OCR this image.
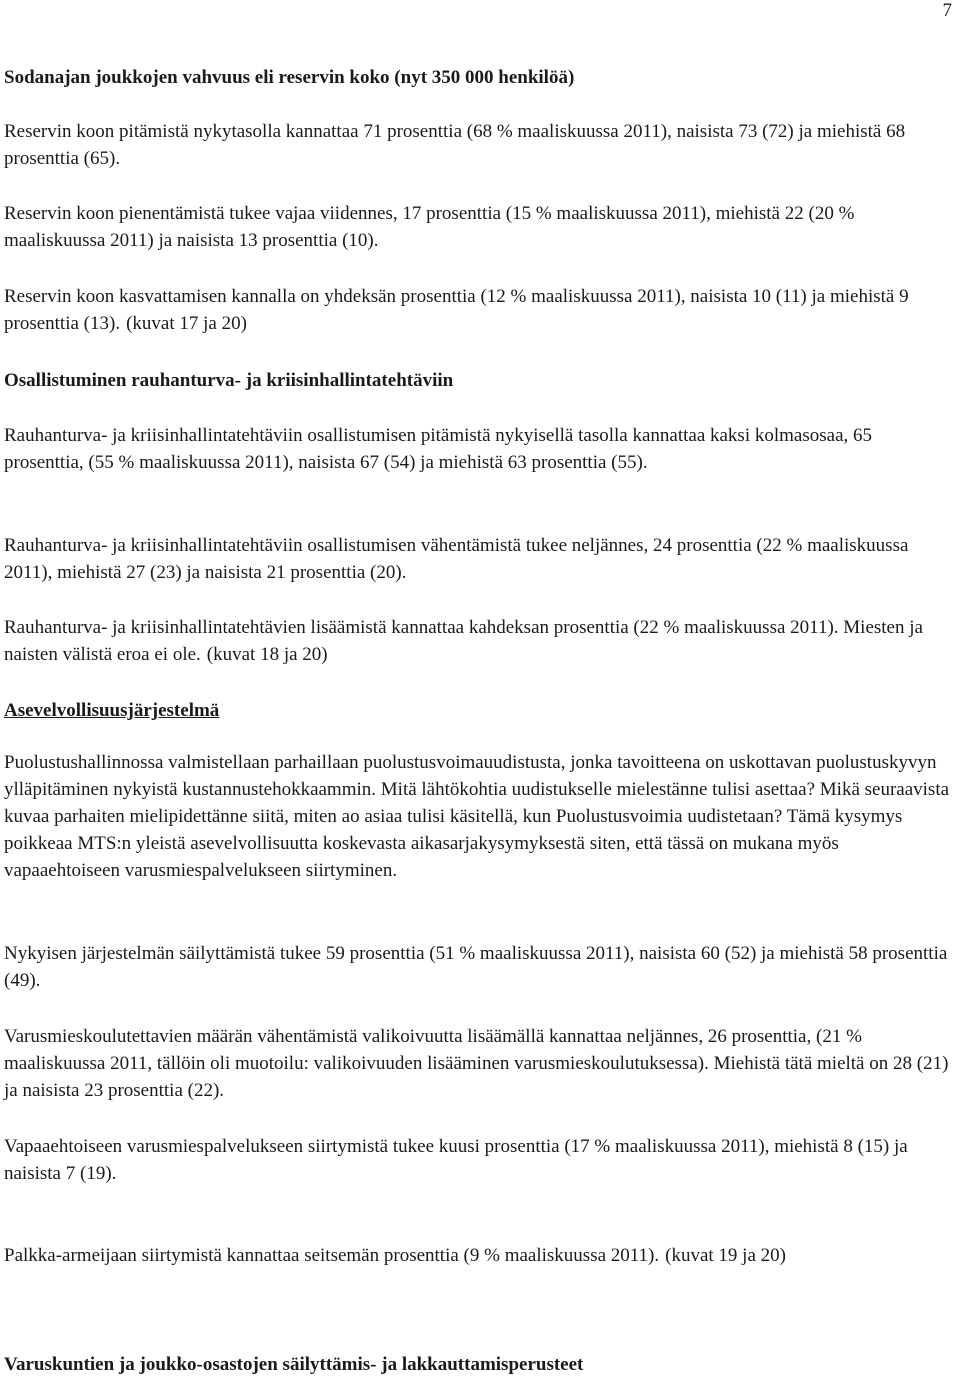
7

Sodanajan joukkojen vahvuus eli reservin koko (nyt 350 000 henkilöä)

Reservin koon pitämistä nykytasolla kannattaa 71 prosenttia (68 % maaliskuussa 2011), naisista 73 (72) ja miehistä 68 prosenttia (65).

Reservin koon pienentämistä tukee vajaa viidennes, 17 prosenttia (15 % maaliskuussa 2011), miehistä 22 (20 % maaliskuussa 2011) ja naisista 13 prosenttia (10).

Reservin koon kasvattamisen kannalla on yhdeksän prosenttia (12 % maaliskuussa 2011), naisista 10 (11) ja miehistä 9 prosenttia (13). (kuvat 17 ja 20)

Osallistuminen rauhanturva- ja kriisinhallintatehtäviin

Rauhanturva- ja kriisinhallintatehtäviin osallistumisen pitämistä nykyisellä tasolla kannattaa kaksi kolmasosaa, 65 prosenttia, (55 % maaliskuussa 2011), naisista 67 (54) ja miehistä 63 prosenttia (55).

Rauhanturva- ja kriisinhallintatehtäviin osallistumisen vähentämistä tukee neljännes, 24 prosenttia (22 % maaliskuussa 2011), miehistä 27 (23) ja naisista 21 prosenttia (20).

Rauhanturva- ja kriisinhallintatehtävien lisäämistä kannattaa kahdeksan prosenttia (22 % maaliskuussa 2011). Miesten ja naisten välistä eroa ei ole. (kuvat 18 ja 20)

Asevelvollisuusjärjestelmä

Puolustushallinnossa valmistellaan parhaillaan puolustusvoimauudistusta, jonka tavoitteena on uskottavan puolustuskyvyn ylläpitäminen nykyistä kustannustehokkaammin. Mitä lähtökohtia uudistukselle mielestänne tulisi asettaa? Mikä seuraavista kuvaa parhaiten mielipidettänne siitä, miten ao asiaa tulisi käsitellä, kun Puolustusvoimia uudistetaan? Tämä kysymys poikkeaa MTS:n yleistä asevelvollisuutta koskevasta aikasarjakysymyksestä siten, että tässä on mukana myös vapaaehtoiseen varusmiespalvelukseen siirtyminen.

Nykyisen järjestelmän säilyttämistä tukee 59 prosenttia (51 % maaliskuussa 2011), naisista 60 (52) ja miehistä 58 prosenttia (49).

Varusmieskoulutettavien määrän vähentämistä valikoivuutta lisäämällä kannattaa neljännes, 26 prosenttia, (21 % maaliskuussa 2011, tällöin oli muotoilu: valikoivuuden lisääminen varusmieskoulutuksessa). Miehistä tätä mieltä on 28 (21) ja naisista 23 prosenttia (22).

Vapaaehtoiseen varusmiespalvelukseen siirtymistä tukee kuusi prosenttia (17 % maaliskuussa 2011), miehistä 8 (15) ja naisista 7 (19).

Palkka-armeijaan siirtymistä kannattaa seitsemän prosenttia (9 % maaliskuussa 2011). (kuvat 19 ja 20)

Varuskuntien ja joukko-osastojen säilyttämis- ja lakkauttamisperusteet
